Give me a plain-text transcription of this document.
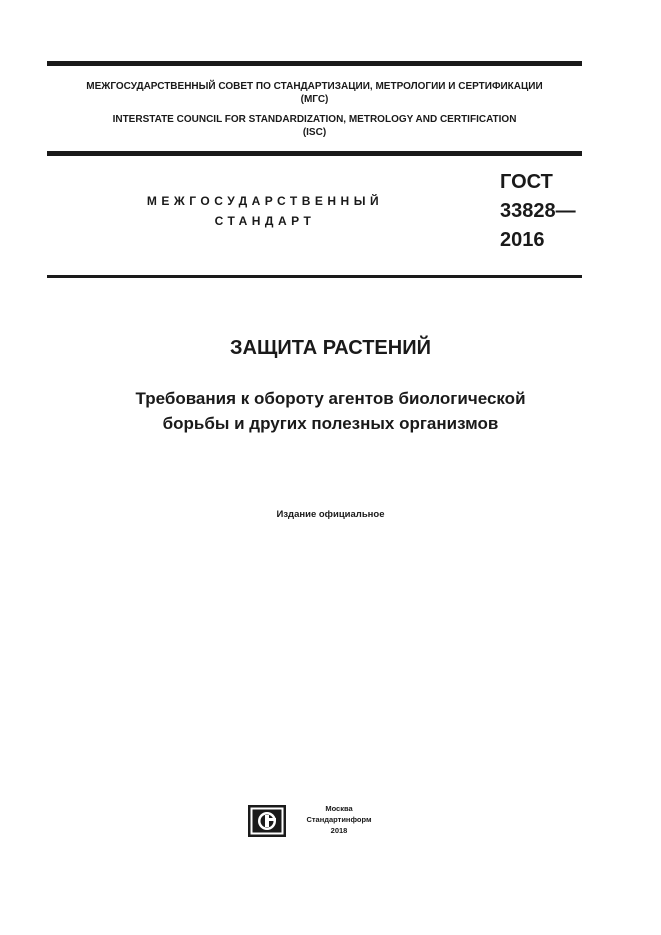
МЕЖГОСУДАРСТВЕННЫЙ СОВЕТ ПО СТАНДАРТИЗАЦИИ, МЕТРОЛОГИИ И СЕРТИФИКАЦИИ
(МГС)
INTERSTATE COUNCIL FOR STANDARDIZATION, METROLOGY AND CERTIFICATION
(ISC)
МЕЖГОСУДАРСТВЕННЫЙ
СТАНДАРТ
ГОСТ
33828—
2016
ЗАЩИТА РАСТЕНИЙ
Требования к обороту агентов биологической
борьбы и других полезных организмов
Издание официальное
Москва
Стандартинформ
2018
